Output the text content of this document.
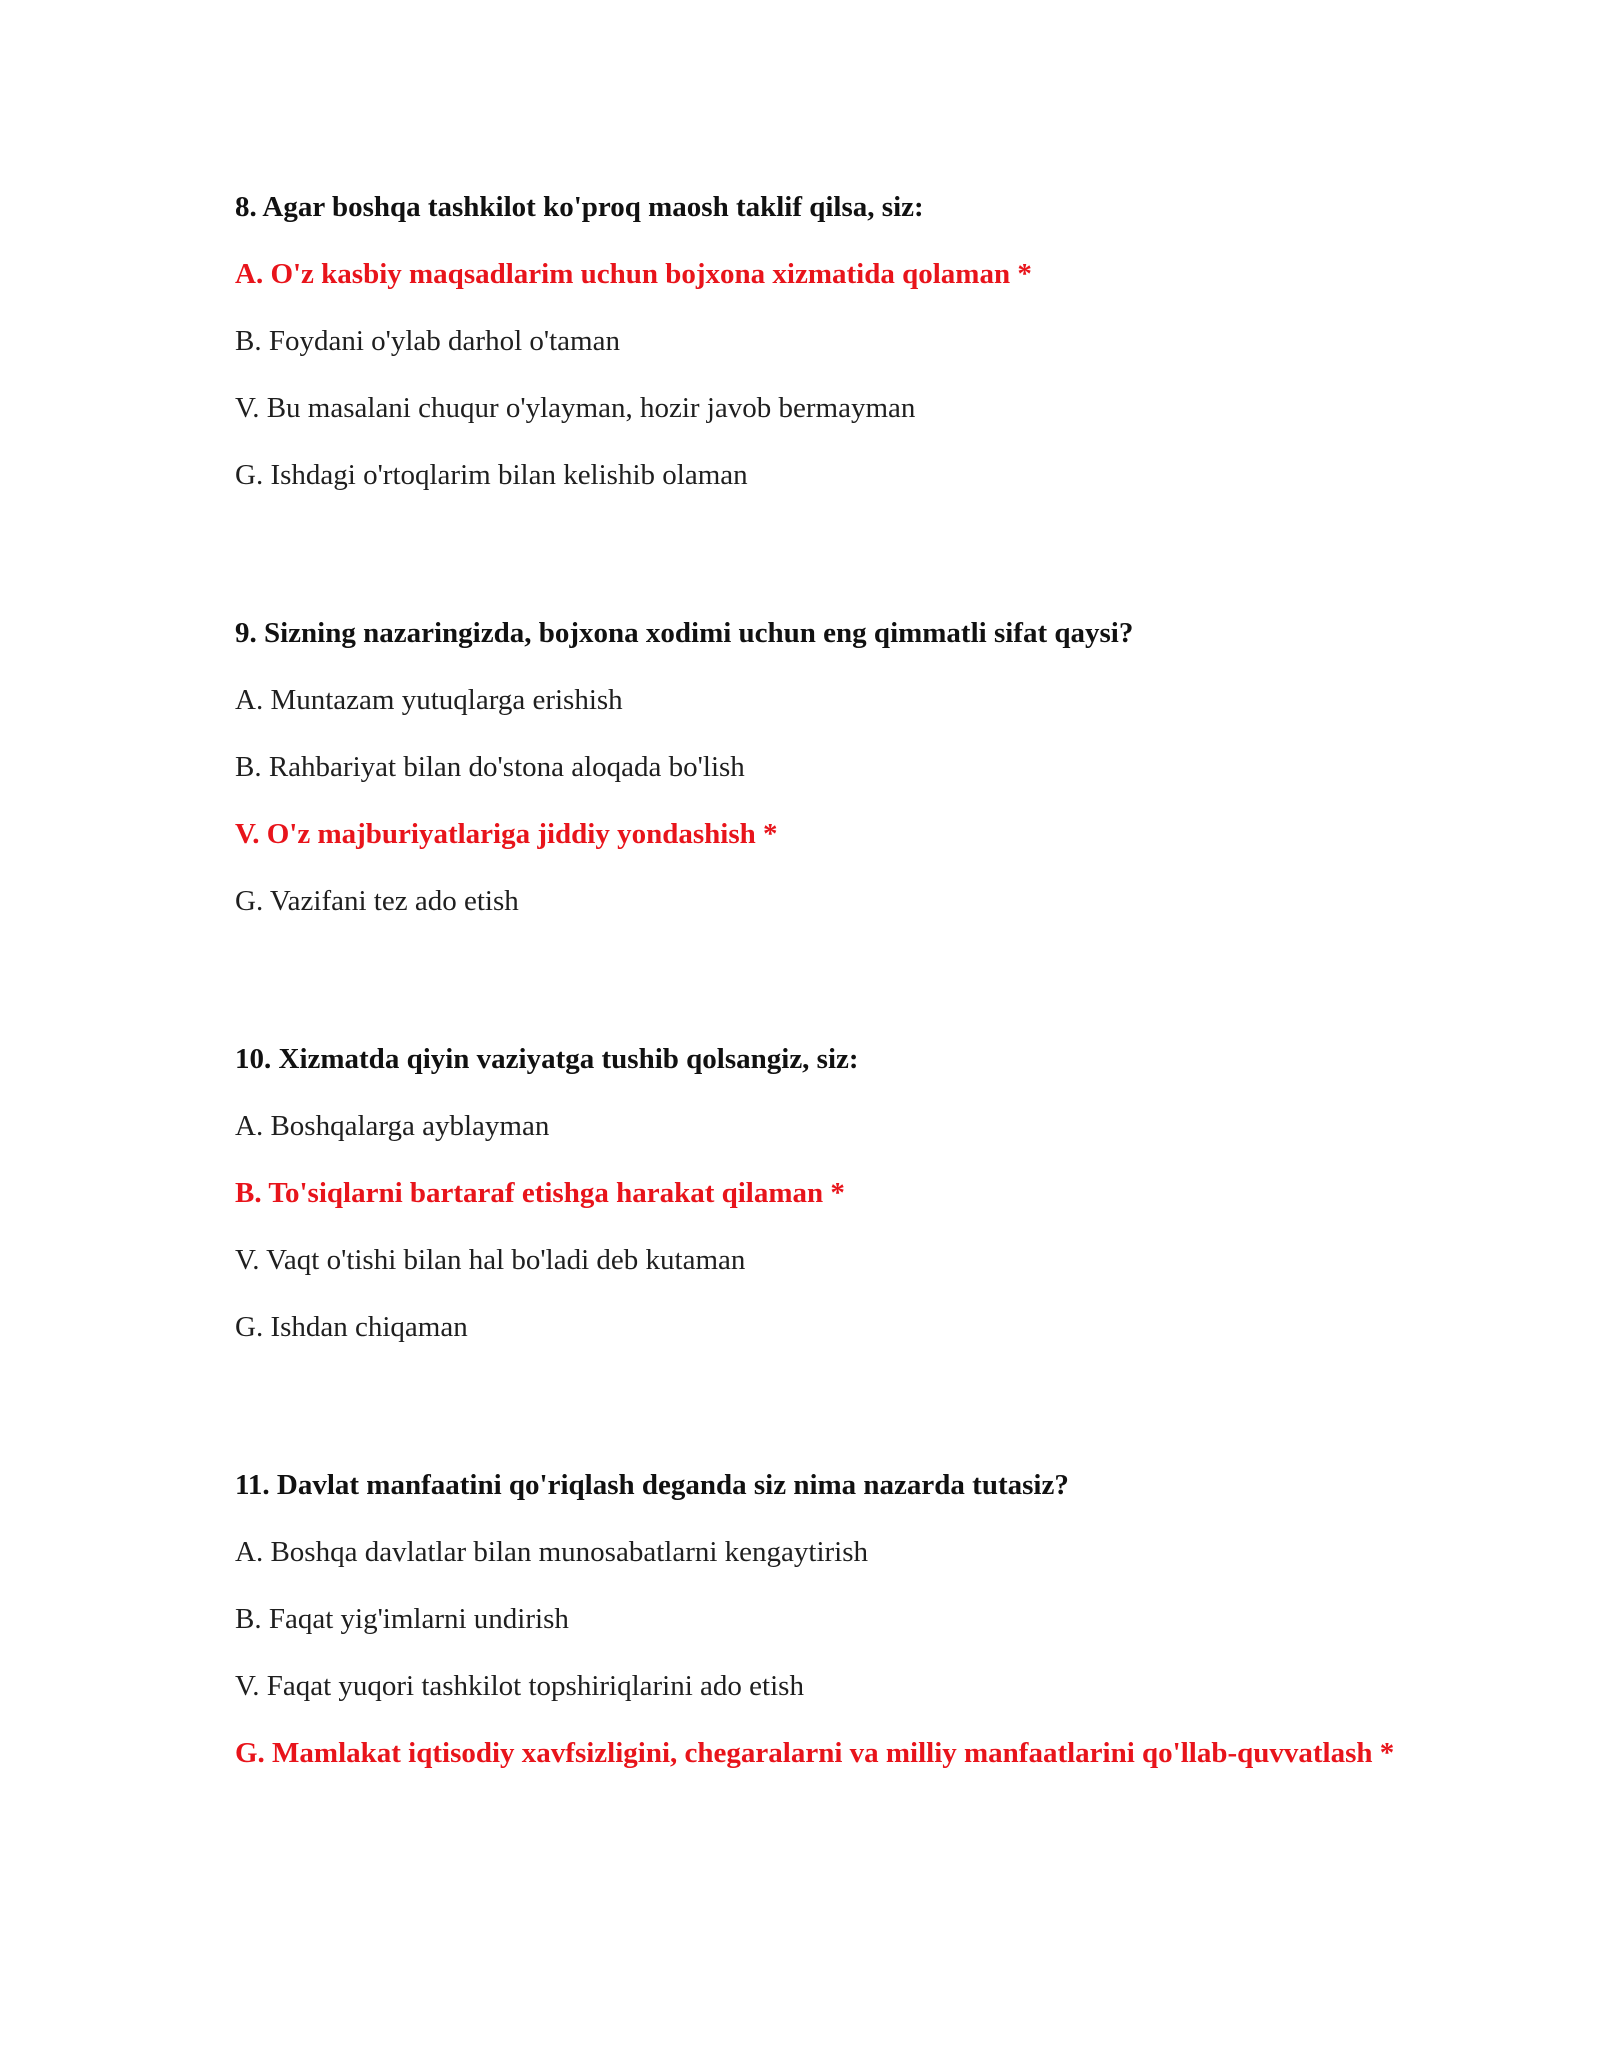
8. Agar boshqa tashkilot ko'proq maosh taklif qilsa, siz:

A. O'z kasbiy maqsadlarim uchun bojxona xizmatida qolaman *

B. Foydani o'ylab darhol o'taman

V. Bu masalani chuqur o'ylayman, hozir javob bermayman

G. Ishdagi o'rtoqlarim bilan kelishib olaman

9. Sizning nazaringizda, bojxona xodimi uchun eng qimmatli sifat qaysi?

A. Muntazam yutuqlarga erishish

B. Rahbariyat bilan do'stona aloqada bo'lish

V. O'z majburiyatlariga jiddiy yondashish *

G. Vazifani tez ado etish

10. Xizmatda qiyin vaziyatga tushib qolsangiz, siz:

A. Boshqalarga ayblayman

B. To'siqlarni bartaraf etishga harakat qilaman *

V. Vaqt o'tishi bilan hal bo'ladi deb kutaman

G. Ishdan chiqaman

11. Davlat manfaatini qo'riqlash deganda siz nima nazarda tutasiz?

A. Boshqa davlatlar bilan munosabatlarni kengaytirish

B. Faqat yig'imlarni undirish

V. Faqat yuqori tashkilot topshiriqlarini ado etish

G. Mamlakat iqtisodiy xavfsizligini, chegaralarni va milliy manfaatlarini qo'llab-quvvatlash *
